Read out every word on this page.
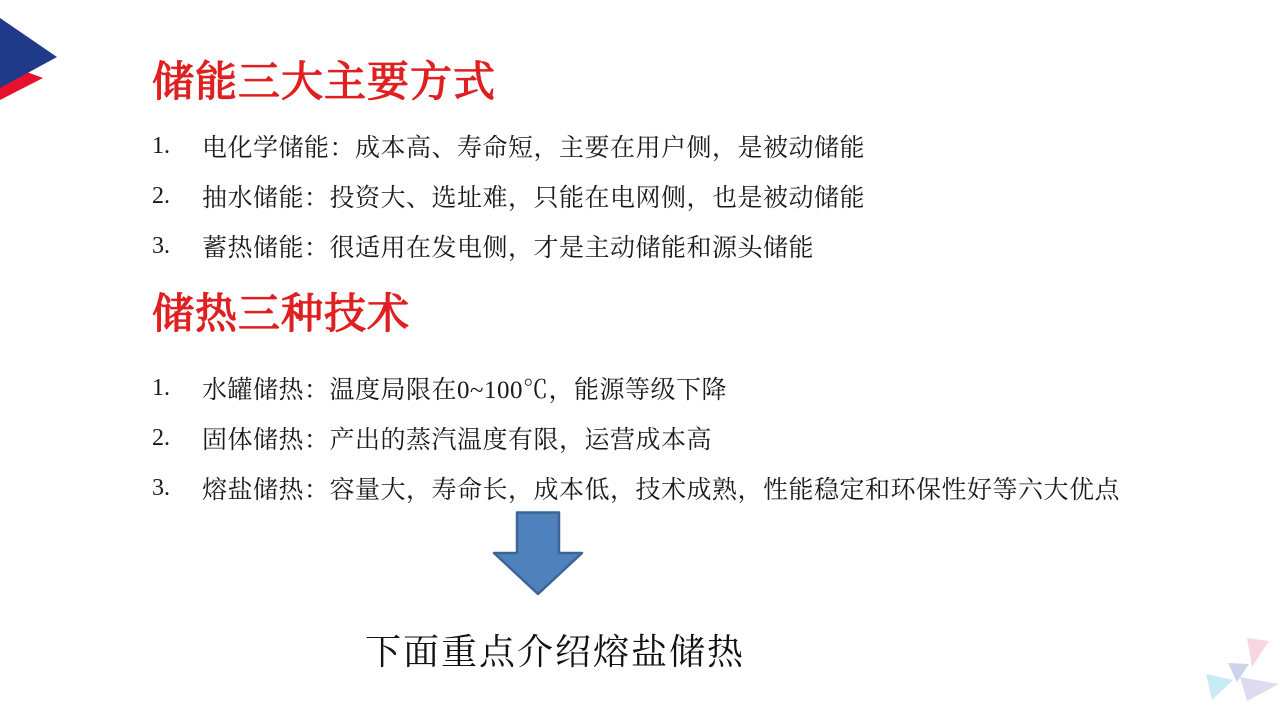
储能三大主要方式
1.	电化学储能：成本高、寿命短，主要在用户侧，是被动储能
2.	抽水储能：投资大、选址难，只能在电网侧，也是被动储能
3.	蓄热储能：很适用在发电侧，才是主动储能和源头储能
储热三种技术
1.	水罐储热：温度局限在0~100℃，能源等级下降
2.	固体储热：产出的蒸汽温度有限，运营成本高
3.	熔盐储热：容量大，寿命长，成本低，技术成熟，性能稳定和环保性好等六大优点
下面重点介绍熔盐储热
